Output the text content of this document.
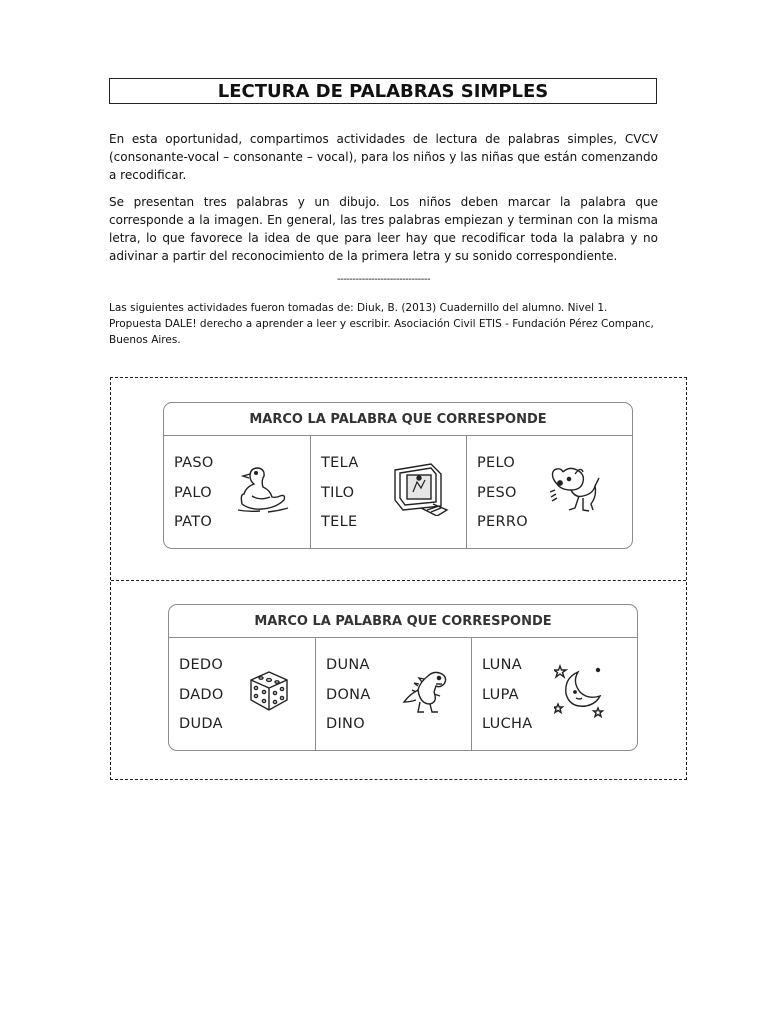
LECTURA DE PALABRAS SIMPLES

En esta oportunidad, compartimos actividades de lectura de palabras simples, CVCV (consonante-vocal – consonante – vocal), para los niños y las niñas que están comenzando a recodificar.

Se presentan tres palabras y un dibujo. Los niños deben marcar la palabra que corresponde a la imagen. En general, las tres palabras empiezan y terminan con la misma letra, lo que favorece la idea de que para leer hay que recodificar toda la palabra y no adivinar a partir del reconocimiento de la primera letra y su sonido correspondiente.

------------------------------

Las siguientes actividades fueron tomadas de: Diuk, B. (2013) Cuadernillo del alumno. Nivel 1. Propuesta DALE! derecho a aprender a leer y escribir. Asociación Civil ETIS - Fundación Pérez Companc, Buenos Aires.

MARCO LA PALABRA QUE CORRESPONDE
PASO
PALO
PATO
TELA
TILO
TELE
PELO
PESO
PERRO
MARCO LA PALABRA QUE CORRESPONDE
DEDO
DADO
DUDA
DUNA
DONA
DINO
LUNA
LUPA
LUCHA
